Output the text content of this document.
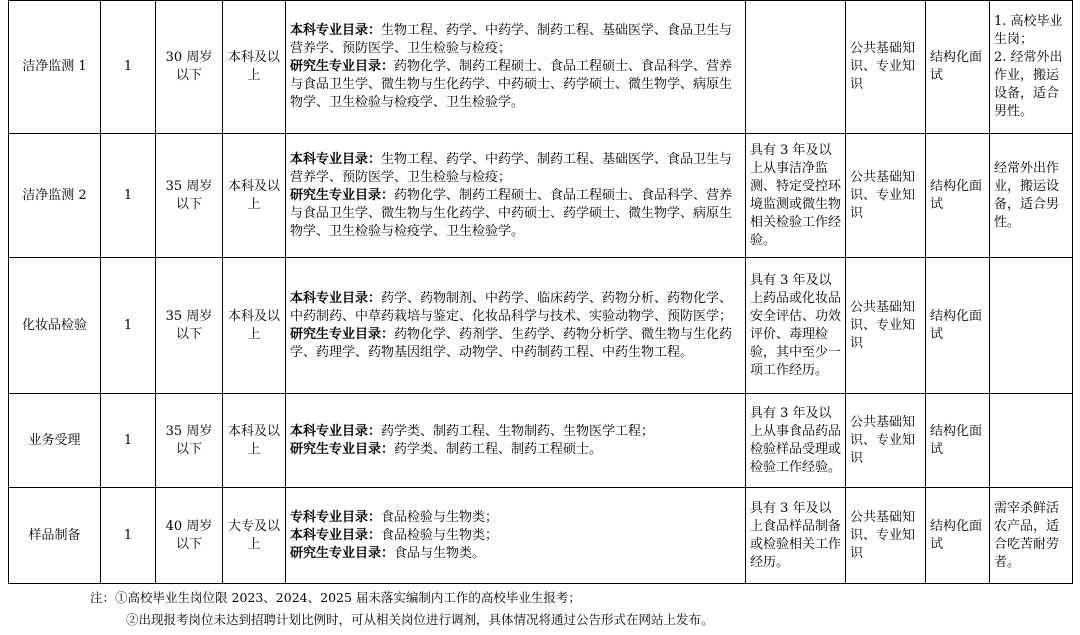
洁净监测 1	1	30 周岁以下	本科及以上	本科专业目录：生物工程、药学、中药学、制药工程、基础医学、食品卫生与营养学、预防医学、卫生检验与检疫；
研究生专业目录：药物化学、制药工程硕士、食品工程硕士、食品科学、营养与食品卫生学、微生物与生化药学、中药硕士、药学硕士、微生物学、病原生物学、卫生检验与检疫学、卫生检验学。		公共基础知识、专业知识	结构化面试	1. 高校毕业生岗；
2. 经常外出作业，搬运设备，适合男性。
洁净监测 2	1	35 周岁以下	本科及以上	本科专业目录：生物工程、药学、中药学、制药工程、基础医学、食品卫生与营养学、预防医学、卫生检验与检疫；
研究生专业目录：药物化学、制药工程硕士、食品工程硕士、食品科学、营养与食品卫生学、微生物与生化药学、中药硕士、药学硕士、微生物学、病原生物学、卫生检验与检疫学、卫生检验学。	具有 3 年及以上从事洁净监测、特定受控环境监测或微生物相关检验工作经验。	公共基础知识、专业知识	结构化面试	经常外出作业，搬运设备，适合男性。
化妆品检验	1	35 周岁以下	本科及以上	本科专业目录：药学、药物制剂、中药学、临床药学、药物分析、药物化学、中药制药、中草药栽培与鉴定、化妆品科学与技术、实验动物学、预防医学；
研究生专业目录：药物化学、药剂学、生药学、药物分析学、微生物与生化药学、药理学、药物基因组学、动物学、中药制药工程、中药生物工程。	具有 3 年及以上药品或化妆品安全评估、功效评价、毒理检验，其中至少一项工作经历。	公共基础知识、专业知识	结构化面试	
业务受理	1	35 周岁以下	本科及以上	本科专业目录：药学类、制药工程、生物制药、生物医学工程；
研究生专业目录：药学类、制药工程、制药工程硕士。	具有 3 年及以上从事食品药品检验样品受理或检验工作经验。	公共基础知识、专业知识	结构化面试	
样品制备	1	40 周岁以下	大专及以上	专科专业目录：食品检验与生物类；
本科专业目录：食品检验与生物类；
研究生专业目录：食品与生物类。	具有 3 年及以上食品样品制备或检验相关工作经历。	公共基础知识、专业知识	结构化面试	需宰杀鲜活农产品，适合吃苦耐劳者。
注：①高校毕业生岗位限 2023、2024、2025 届未落实编制内工作的高校毕业生报考；
②出现报考岗位未达到招聘计划比例时，可从相关岗位进行调剂，具体情况将通过公告形式在网站上发布。
